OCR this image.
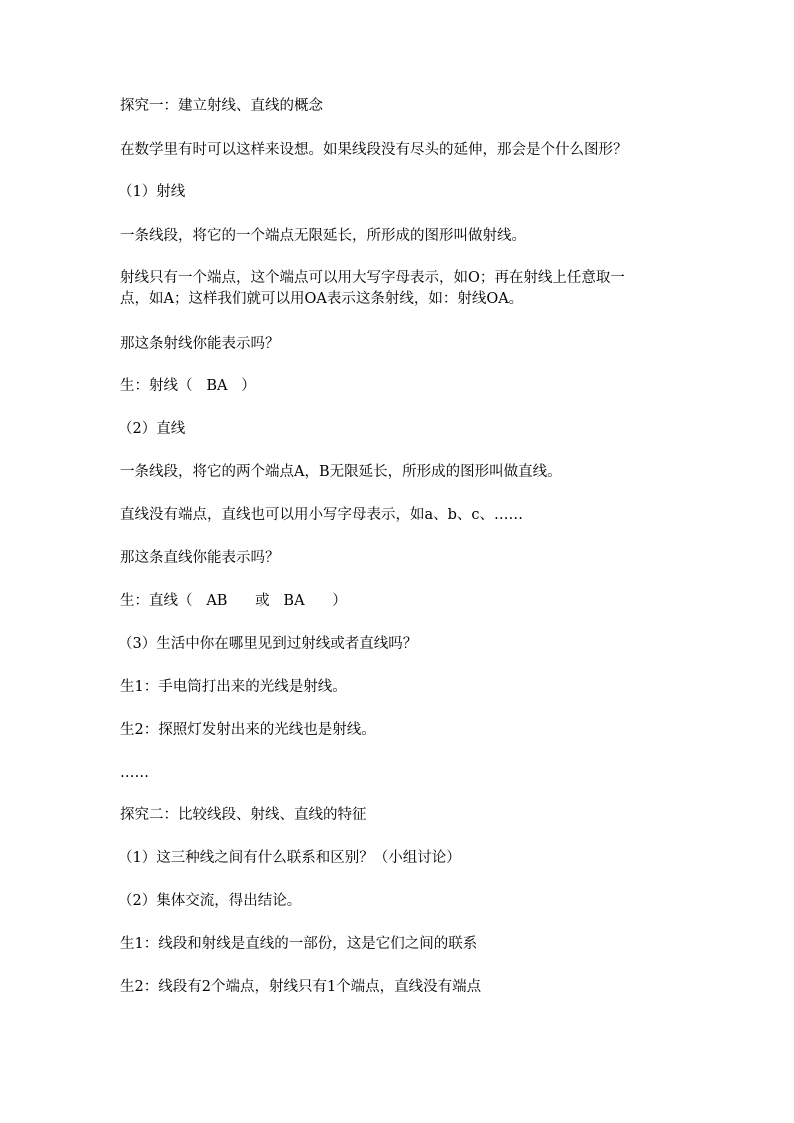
探究一：建立射线、直线的概念
在数学里有时可以这样来设想。如果线段没有尽头的延伸，那会是个什么图形？
（1）射线
一条线段，将它的一个端点无限延长，所形成的图形叫做射线。
射线只有一个端点，这个端点可以用大写字母表示，如O；再在射线上任意取一点，如A；这样我们就可以用OA表示这条射线，如：射线OA。
那这条射线你能表示吗？
生：射线（   BA   ）
（2）直线
一条线段，将它的两个端点A，B无限延长，所形成的图形叫做直线。
直线没有端点，直线也可以用小写字母表示，如a、b、c、……
那这条直线你能表示吗？
生：直线（   AB      或   BA      ）
（3）生活中你在哪里见到过射线或者直线吗？
生1：手电筒打出来的光线是射线。
生2：探照灯发射出来的光线也是射线。
……
探究二：比较线段、射线、直线的特征
（1）这三种线之间有什么联系和区别？（小组讨论）
（2）集体交流，得出结论。
生1：线段和射线是直线的一部份，这是它们之间的联系
生2：线段有2个端点，射线只有1个端点，直线没有端点
